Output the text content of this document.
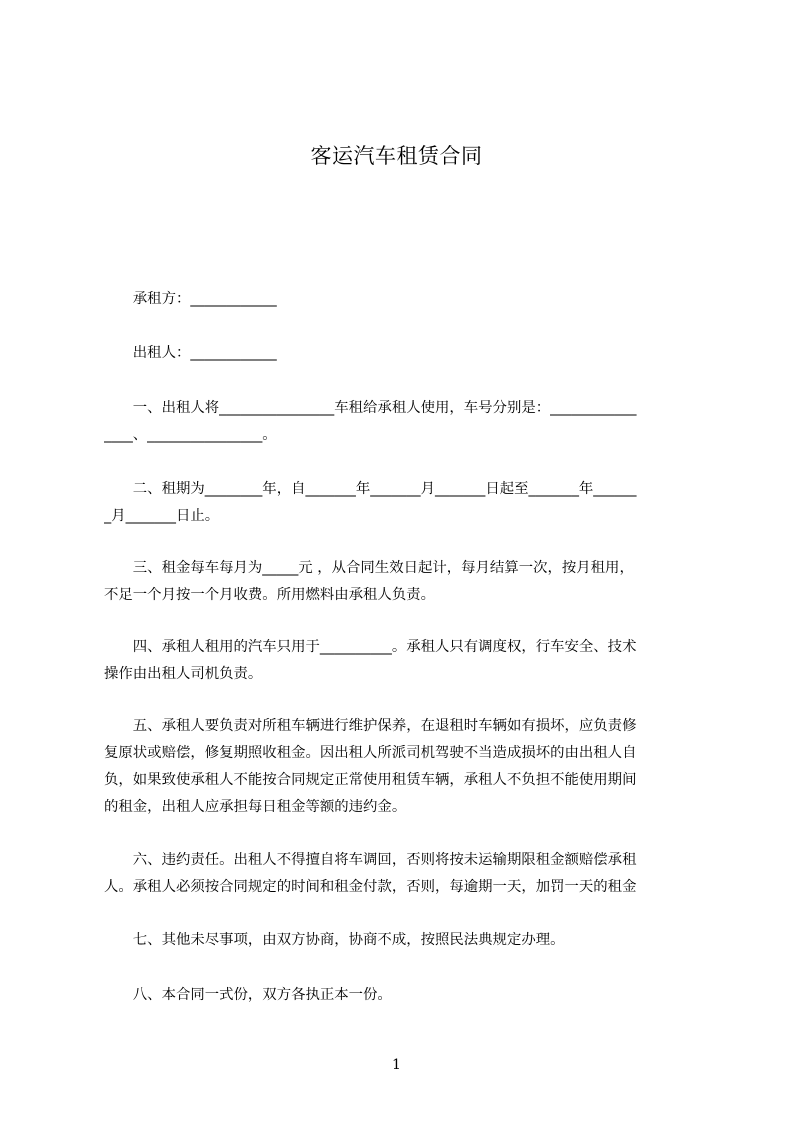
客运汽车租赁合同

　　承租方：____________

　　出租人：____________

　　一、出租人将________________车租给承租人使用，车号分别是：____________
____、________________。

　　二、租期为________年，自_______年_______月_______日起至_______年______
_月_______日止。

　　三、租金每车每月为_____元 ，从合同生效日起计，每月结算一次，按月租用，
不足一个月按一个月收费。所用燃料由承租人负责。

　　四、承租人租用的汽车只用于__________。承租人只有调度权，行车安全、技术
操作由出租人司机负责。

　　五、承租人要负责对所租车辆进行维护保养，在退租时车辆如有损坏，应负责修
复原状或赔偿，修复期照收租金。因出租人所派司机驾驶不当造成损坏的由出租人自
负，如果致使承租人不能按合同规定正常使用租赁车辆，承租人不负担不能使用期间
的租金，出租人应承担每日租金等额的违约金。

　　六、违约责任。出租人不得擅自将车调回，否则将按未运输期限租金额赔偿承租
人。承租人必须按合同规定的时间和租金付款，否则，每逾期一天，加罚一天的租金

　　七、其他未尽事项，由双方协商，协商不成，按照民法典规定办理。

　　八、本合同一式份，双方各执正本一份。

1
